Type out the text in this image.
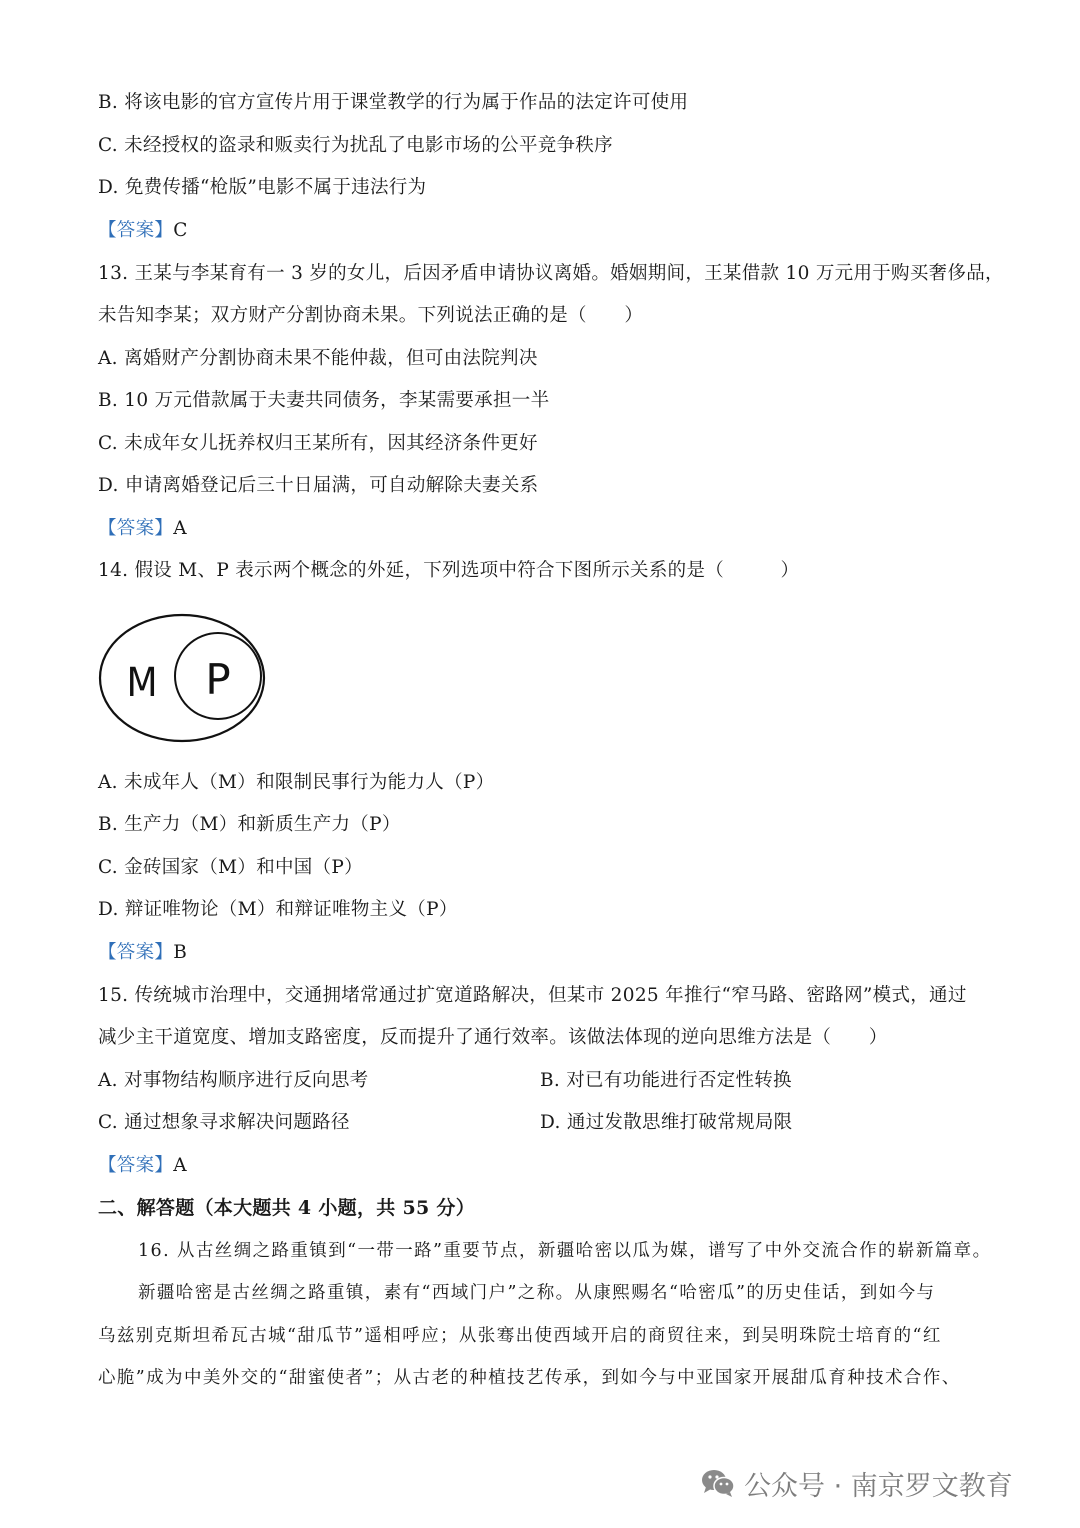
B. 将该电影的官方宣传片用于课堂教学的行为属于作品的法定许可使用
C. 未经授权的盗录和贩卖行为扰乱了电影市场的公平竞争秩序
D. 免费传播“枪版”电影不属于违法行为
【答案】C
13. 王某与李某育有一 3 岁的女儿，后因矛盾申请协议离婚。婚姻期间，王某借款 10 万元用于购买奢侈品，
未告知李某；双方财产分割协商未果。下列说法正确的是（　　）
A. 离婚财产分割协商未果不能仲裁，但可由法院判决
B. 10 万元借款属于夫妻共同债务，李某需要承担一半
C. 未成年女儿抚养权归王某所有，因其经济条件更好
D. 申请离婚登记后三十日届满，可自动解除夫妻关系
【答案】A
14. 假设 M、P 表示两个概念的外延，下列选项中符合下图所示关系的是（　　　）
M P
A. 未成年人（M）和限制民事行为能力人（P）
B. 生产力（M）和新质生产力（P）
C. 金砖国家（M）和中国（P）
D. 辩证唯物论（M）和辩证唯物主义（P）
【答案】B
15. 传统城市治理中，交通拥堵常通过扩宽道路解决，但某市 2025 年推行“窄马路、密路网”模式，通过
减少主干道宽度、增加支路密度，反而提升了通行效率。该做法体现的逆向思维方法是（　　）
A. 对事物结构顺序进行反向思考	B. 对已有功能进行否定性转换
C. 通过想象寻求解决问题路径	D. 通过发散思维打破常规局限
【答案】A
二、解答题（本大题共 4 小题，共 55 分）
16. 从古丝绸之路重镇到“一带一路”重要节点，新疆哈密以瓜为媒，谱写了中外交流合作的崭新篇章。
新疆哈密是古丝绸之路重镇，素有“西域门户”之称。从康熙赐名“哈密瓜”的历史佳话，到如今与
乌兹别克斯坦希瓦古城“甜瓜节”遥相呼应；从张骞出使西域开启的商贸往来，到吴明珠院士培育的“红
心脆”成为中美外交的“甜蜜使者”；从古老的种植技艺传承，到如今与中亚国家开展甜瓜育种技术合作、
公众号 · 南京罗文教育
